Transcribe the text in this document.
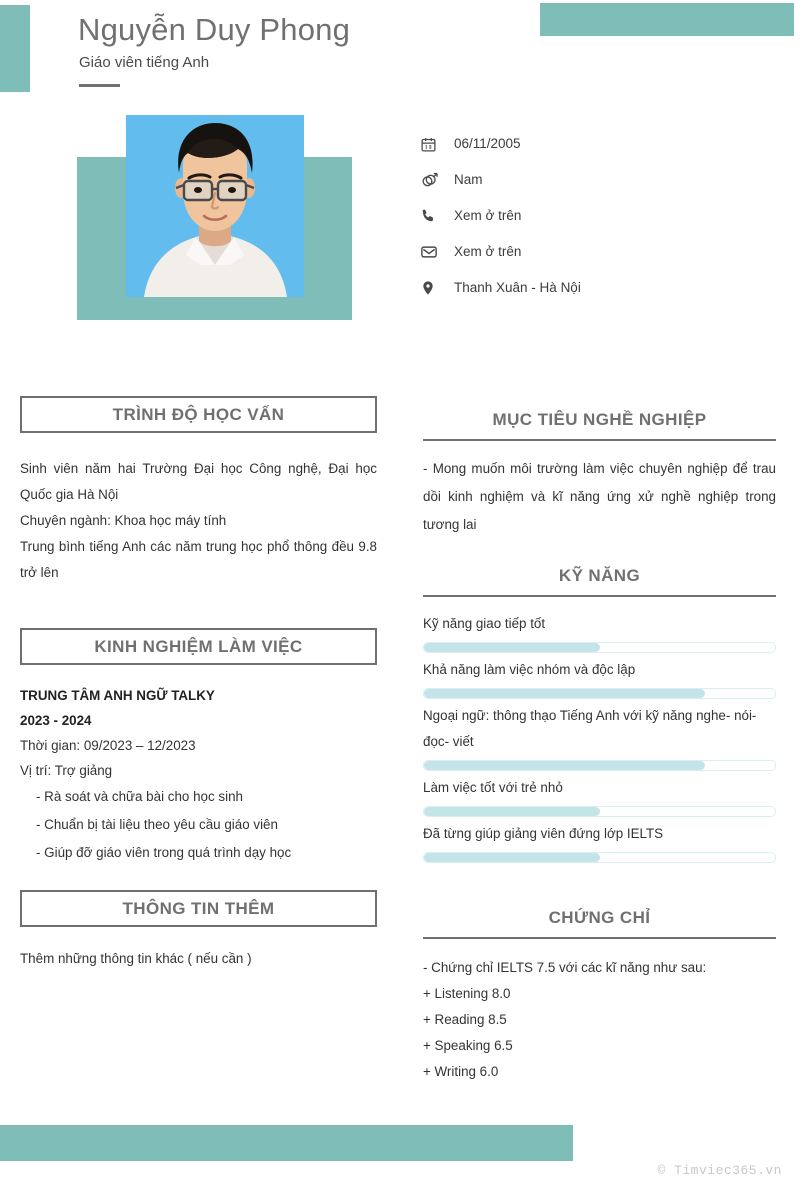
Nguyễn Duy Phong
Giáo viên tiếng Anh
06/11/2005
Nam
Xem ở trên
Xem ở trên
Thanh Xuân - Hà Nội
TRÌNH ĐỘ HỌC VẤN
Sinh viên năm hai Trường Đại học Công nghệ, Đại học Quốc gia Hà Nội
Chuyên ngành: Khoa học máy tính
Trung bình tiếng Anh các năm trung học phổ thông đều 9.8 trở lên
KINH NGHIỆM LÀM VIỆC
TRUNG TÂM ANH NGỮ TALKY
2023 - 2024
Thời gian: 09/2023 – 12/2023
Vị trí: Trợ giảng
- Rà soát và chữa bài cho học sinh
- Chuẩn bị tài liệu theo yêu cầu giáo viên
- Giúp đỡ giáo viên trong quá trình dạy học
THÔNG TIN THÊM
Thêm những thông tin khác ( nếu cần )
MỤC TIÊU NGHỀ NGHIỆP
- Mong muốn môi trường làm việc chuyên nghiệp để trau dồi kinh nghiệm và kĩ năng ứng xử nghề nghiệp trong tương lai
KỸ NĂNG
Kỹ năng giao tiếp tốt
Khả năng làm việc nhóm và độc lập
Ngoại ngữ: thông thạo Tiếng Anh với kỹ năng nghe- nói- đọc- viết
Làm việc tốt với trẻ nhỏ
Đã từng giúp giảng viên đứng lớp IELTS
CHỨNG CHỈ
- Chứng chỉ IELTS 7.5 với các kĩ năng như sau:
+ Listening 8.0
+ Reading 8.5
+ Speaking 6.5
+ Writing 6.0
© Timviec365.vn
